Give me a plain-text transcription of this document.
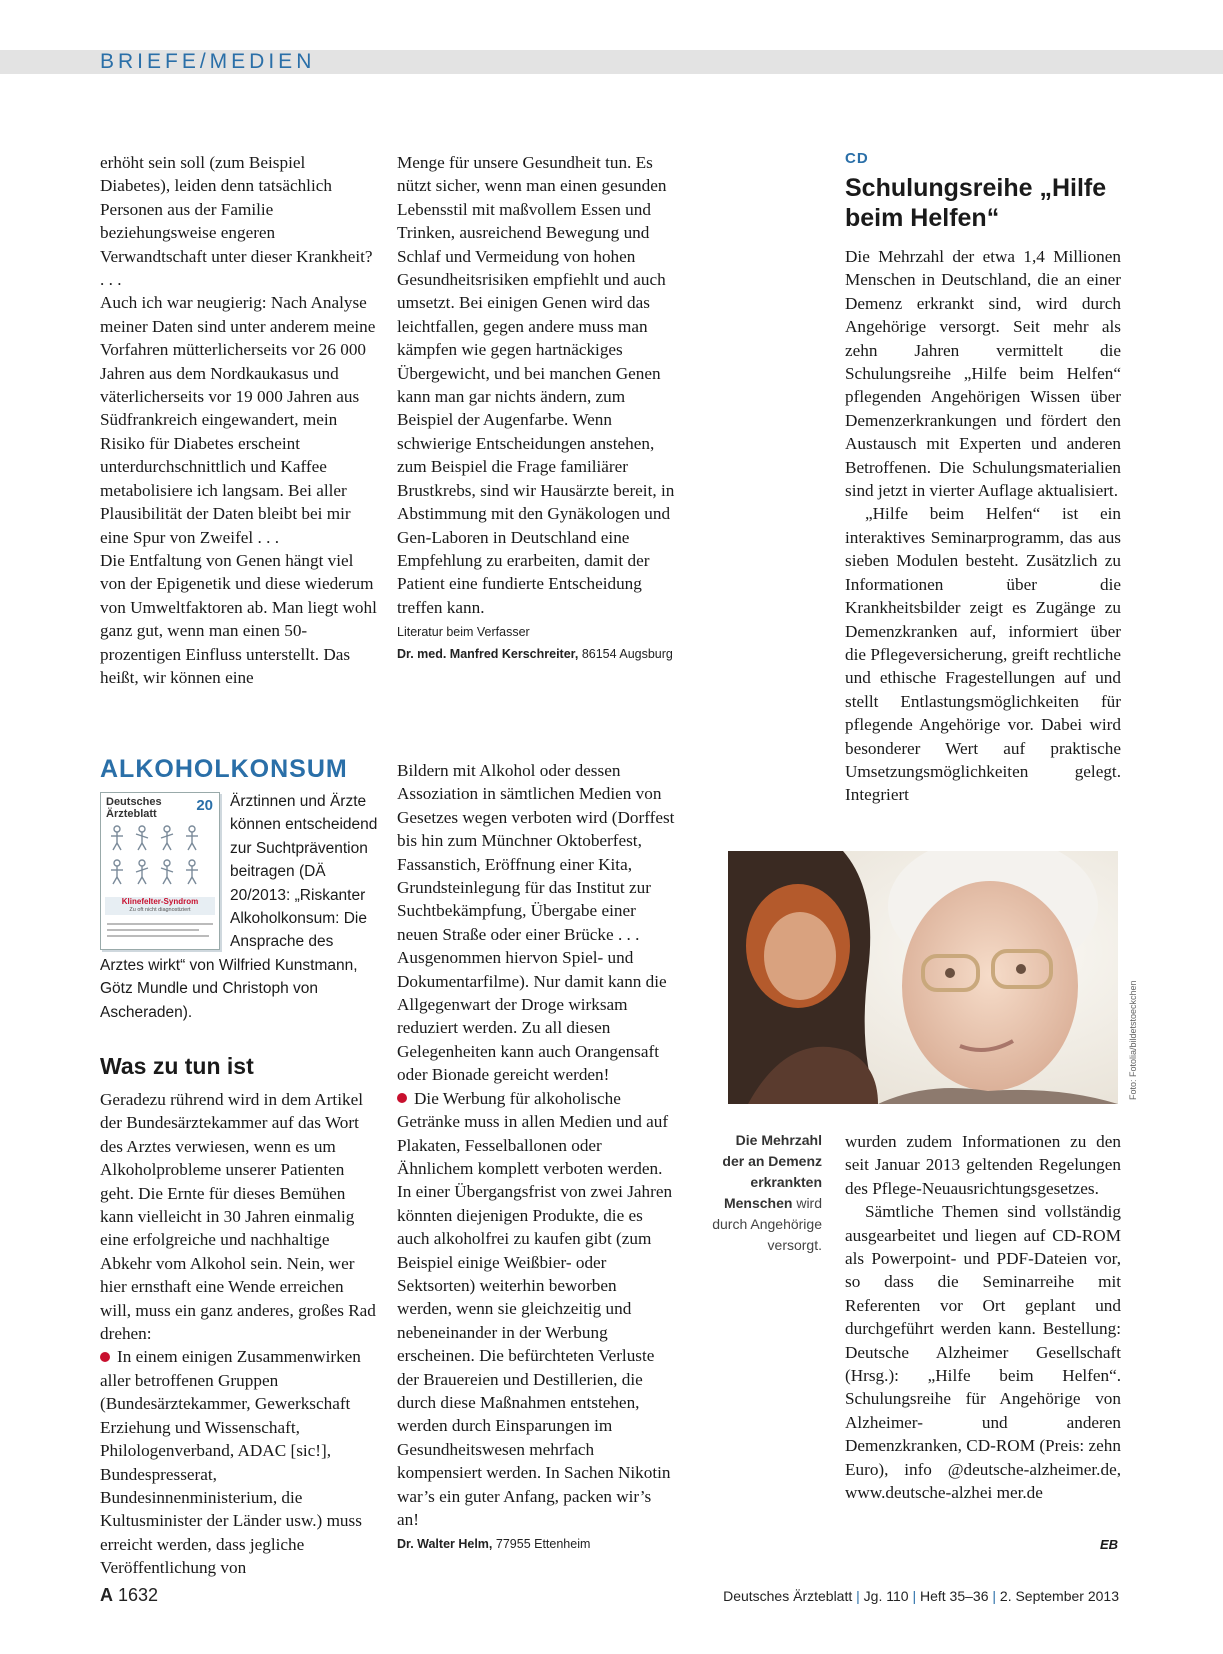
BRIEFE/MEDIEN

erhöht sein soll (zum Beispiel Diabetes), leiden denn tatsächlich Personen aus der Familie beziehungsweise engeren Verwandtschaft unter dieser Krankheit? . . .

Auch ich war neugierig: Nach Analyse meiner Daten sind unter anderem meine Vorfahren mütterlicherseits vor 26 000 Jahren aus dem Nordkaukasus und väterlicherseits vor 19 000 Jahren aus Südfrankreich eingewandert, mein Risiko für Diabetes erscheint unterdurchschnittlich und Kaffee metabolisiere ich langsam. Bei aller Plausibilität der Daten bleibt bei mir eine Spur von Zweifel . . .

Die Entfaltung von Genen hängt viel von der Epigenetik und diese wiederum von Umweltfaktoren ab. Man liegt wohl ganz gut, wenn man einen 50-prozentigen Einfluss unterstellt. Das heißt, wir können eine

Menge für unsere Gesundheit tun. Es nützt sicher, wenn man einen gesunden Lebensstil mit maßvollem Essen und Trinken, ausreichend Bewegung und Schlaf und Vermeidung von hohen Gesundheitsrisiken empfiehlt und auch umsetzt. Bei einigen Genen wird das leichtfallen, gegen andere muss man kämpfen wie gegen hartnäckiges Übergewicht, und bei manchen Genen kann man gar nichts ändern, zum Beispiel der Augenfarbe. Wenn schwierige Entscheidungen anstehen, zum Beispiel die Frage familiärer Brustkrebs, sind wir Hausärzte bereit, in Abstimmung mit den Gynäkologen und Gen-Laboren in Deutschland eine Empfehlung zu erarbeiten, damit der Patient eine fundierte Entscheidung treffen kann.

Literatur beim Verfasser
Dr. med. Manfred Kerschreiter, 86154 Augsburg
ALKOHOLKONSUM
Deutsches
Ärzteblatt	20
Klinefelter-Syndrom
Zu oft nicht diagnostiziert
Ärztinnen und Ärzte können entscheidend zur Suchtprävention beitragen (DÄ 20/2013: „Riskanter Alkoholkonsum: Die Ansprache des Arztes wirkt“ von Wilfried Kunstmann, Götz Mundle und Christoph von Ascheraden).
Was zu tun ist

Geradezu rührend wird in dem Artikel der Bundesärztekammer auf das Wort des Arztes verwiesen, wenn es um Alkoholprobleme unserer Patienten geht. Die Ernte für dieses Bemühen kann vielleicht in 30 Jahren einmalig eine erfolgreiche und nachhaltige Abkehr vom Alkohol sein. Nein, wer hier ernsthaft eine Wende erreichen will, muss ein ganz anderes, großes Rad drehen:

In einem einigen Zusammenwirken aller betroffenen Gruppen (Bundesärztekammer, Gewerkschaft Erziehung und Wissenschaft, Philologenverband, ADAC [sic!], Bundespresserat, Bundesinnenministerium, die Kultusminister der Länder usw.) muss erreicht werden, dass jegliche Veröffentlichung von

Bildern mit Alkohol oder dessen Assoziation in sämtlichen Medien von Gesetzes wegen verboten wird (Dorffest bis hin zum Münchner Oktoberfest, Fassanstich, Eröffnung einer Kita, Grundsteinlegung für das Institut zur Suchtbekämpfung, Übergabe einer neuen Straße oder einer Brücke . . . Ausgenommen hiervon Spiel- und Dokumentarfilme). Nur damit kann die Allgegenwart der Droge wirksam reduziert werden. Zu all diesen Gelegenheiten kann auch Orangensaft oder Bionade gereicht werden!

Die Werbung für alkoholische Getränke muss in allen Medien und auf Plakaten, Fesselballonen oder Ähnlichem komplett verboten werden. In einer Übergangsfrist von zwei Jahren könnten diejenigen Produkte, die es auch alkoholfrei zu kaufen gibt (zum Beispiel einige Weißbier- oder Sektsorten) weiterhin beworben werden, wenn sie gleichzeitig und nebeneinander in der Werbung erscheinen. Die befürchteten Verluste der Brauereien und Destillerien, die durch diese Maßnahmen entstehen, werden durch Einsparungen im Gesundheitswesen mehrfach kompensiert werden. In Sachen Nikotin war’s ein guter Anfang, packen wir’s an!

Dr. Walter Helm, 77955 Ettenheim
CD
Schulungsreihe „Hilfe beim Helfen“

Die Mehrzahl der etwa 1,4 Millionen Menschen in Deutschland, die an einer Demenz erkrankt sind, wird durch Angehörige versorgt. Seit mehr als zehn Jahren vermittelt die Schulungsreihe „Hilfe beim Helfen“ pflegenden Angehörigen Wissen über Demenzerkrankungen und fördert den Austausch mit Experten und anderen Betroffenen. Die Schulungsmaterialien sind jetzt in vierter Auflage aktualisiert.

„Hilfe beim Helfen“ ist ein interaktives Seminarprogramm, das aus sieben Modulen besteht. Zusätzlich zu Informationen über die Krankheitsbilder zeigt es Zugänge zu Demenzkranken auf, informiert über die Pflegeversicherung, greift rechtliche und ethische Fragestellungen auf und stellt Entlastungsmöglichkeiten für pflegende Angehörige vor. Dabei wird besonderer Wert auf praktische Umsetzungsmöglichkeiten gelegt. Integriert

Foto: Fotolia/bildetstoeckchen
Die Mehrzahl der an Demenz erkrankten Menschen wird durch Angehörige versorgt.

wurden zudem Informationen zu den seit Januar 2013 geltenden Regelungen des Pflege-Neuausrichtungsgesetzes.

Sämtliche Themen sind vollständig ausgearbeitet und liegen auf CD-ROM als Powerpoint- und PDF-Dateien vor, so dass die Seminarreihe mit Referenten vor Ort geplant und durchgeführt werden kann. Bestellung: Deutsche Alzheimer Gesellschaft (Hrsg.): „Hilfe beim Helfen“. Schulungsreihe für Angehörige von Alzheimer- und anderen Demenzkranken, CD-ROM (Preis: zehn Euro), info @deutsche-alzheimer.de, www.deutsche-alzhei mer.de

EB
A 1632	Deutsches Ärzteblatt | Jg. 110 | Heft 35–36 | 2. September 2013
